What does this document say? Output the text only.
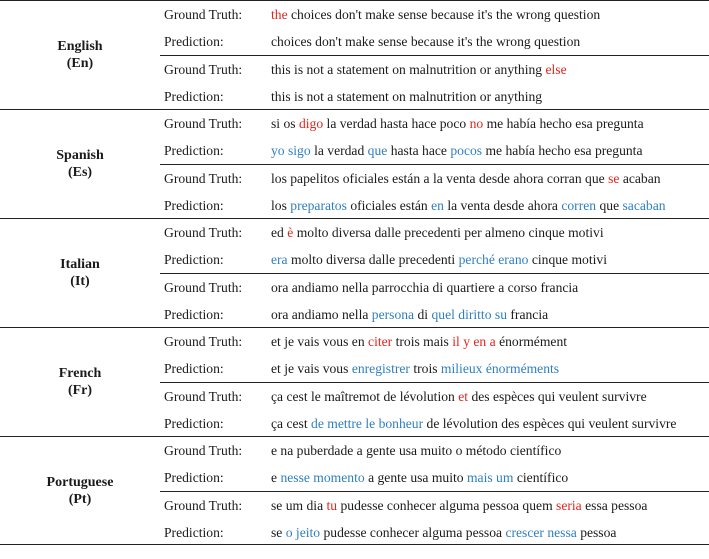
English
(En)
Ground Truth:	the choices don't make sense because it's the wrong question
Prediction:	choices don't make sense because it's the wrong question
Ground Truth:	this is not a statement on malnutrition or anything else
Prediction:	this is not a statement on malnutrition or anything
Spanish
(Es)
Ground Truth:	si os digo la verdad hasta hace poco no me había hecho esa pregunta
Prediction:	yo sigo la verdad que hasta hace pocos me había hecho esa pregunta
Ground Truth:	los papelitos oficiales están a la venta desde ahora corran que se acaban
Prediction:	los preparatos oficiales están en la venta desde ahora corren que sacaban
Italian
(It)
Ground Truth:	ed è molto diversa dalle precedenti per almeno cinque motivi
Prediction:	era molto diversa dalle precedenti perché erano cinque motivi
Ground Truth:	ora andiamo nella parrocchia di quartiere a corso francia
Prediction:	ora andiamo nella persona di quel diritto su francia
French
(Fr)
Ground Truth:	et je vais vous en citer trois mais il y en a énormément
Prediction:	et je vais vous enregistrer trois milieux énorméments
Ground Truth:	ça cest le maîtremot de lévolution et des espèces qui veulent survivre
Prediction:	ça cest de mettre le bonheur de lévolution des espèces qui veulent survivre
Portuguese
(Pt)
Ground Truth:	e na puberdade a gente usa muito o método científico
Prediction:	e nesse momento a gente usa muito mais um científico
Ground Truth:	se um dia tu pudesse conhecer alguma pessoa quem seria essa pessoa
Prediction:	se o jeito pudesse conhecer alguma pessoa crescer nessa pessoa
